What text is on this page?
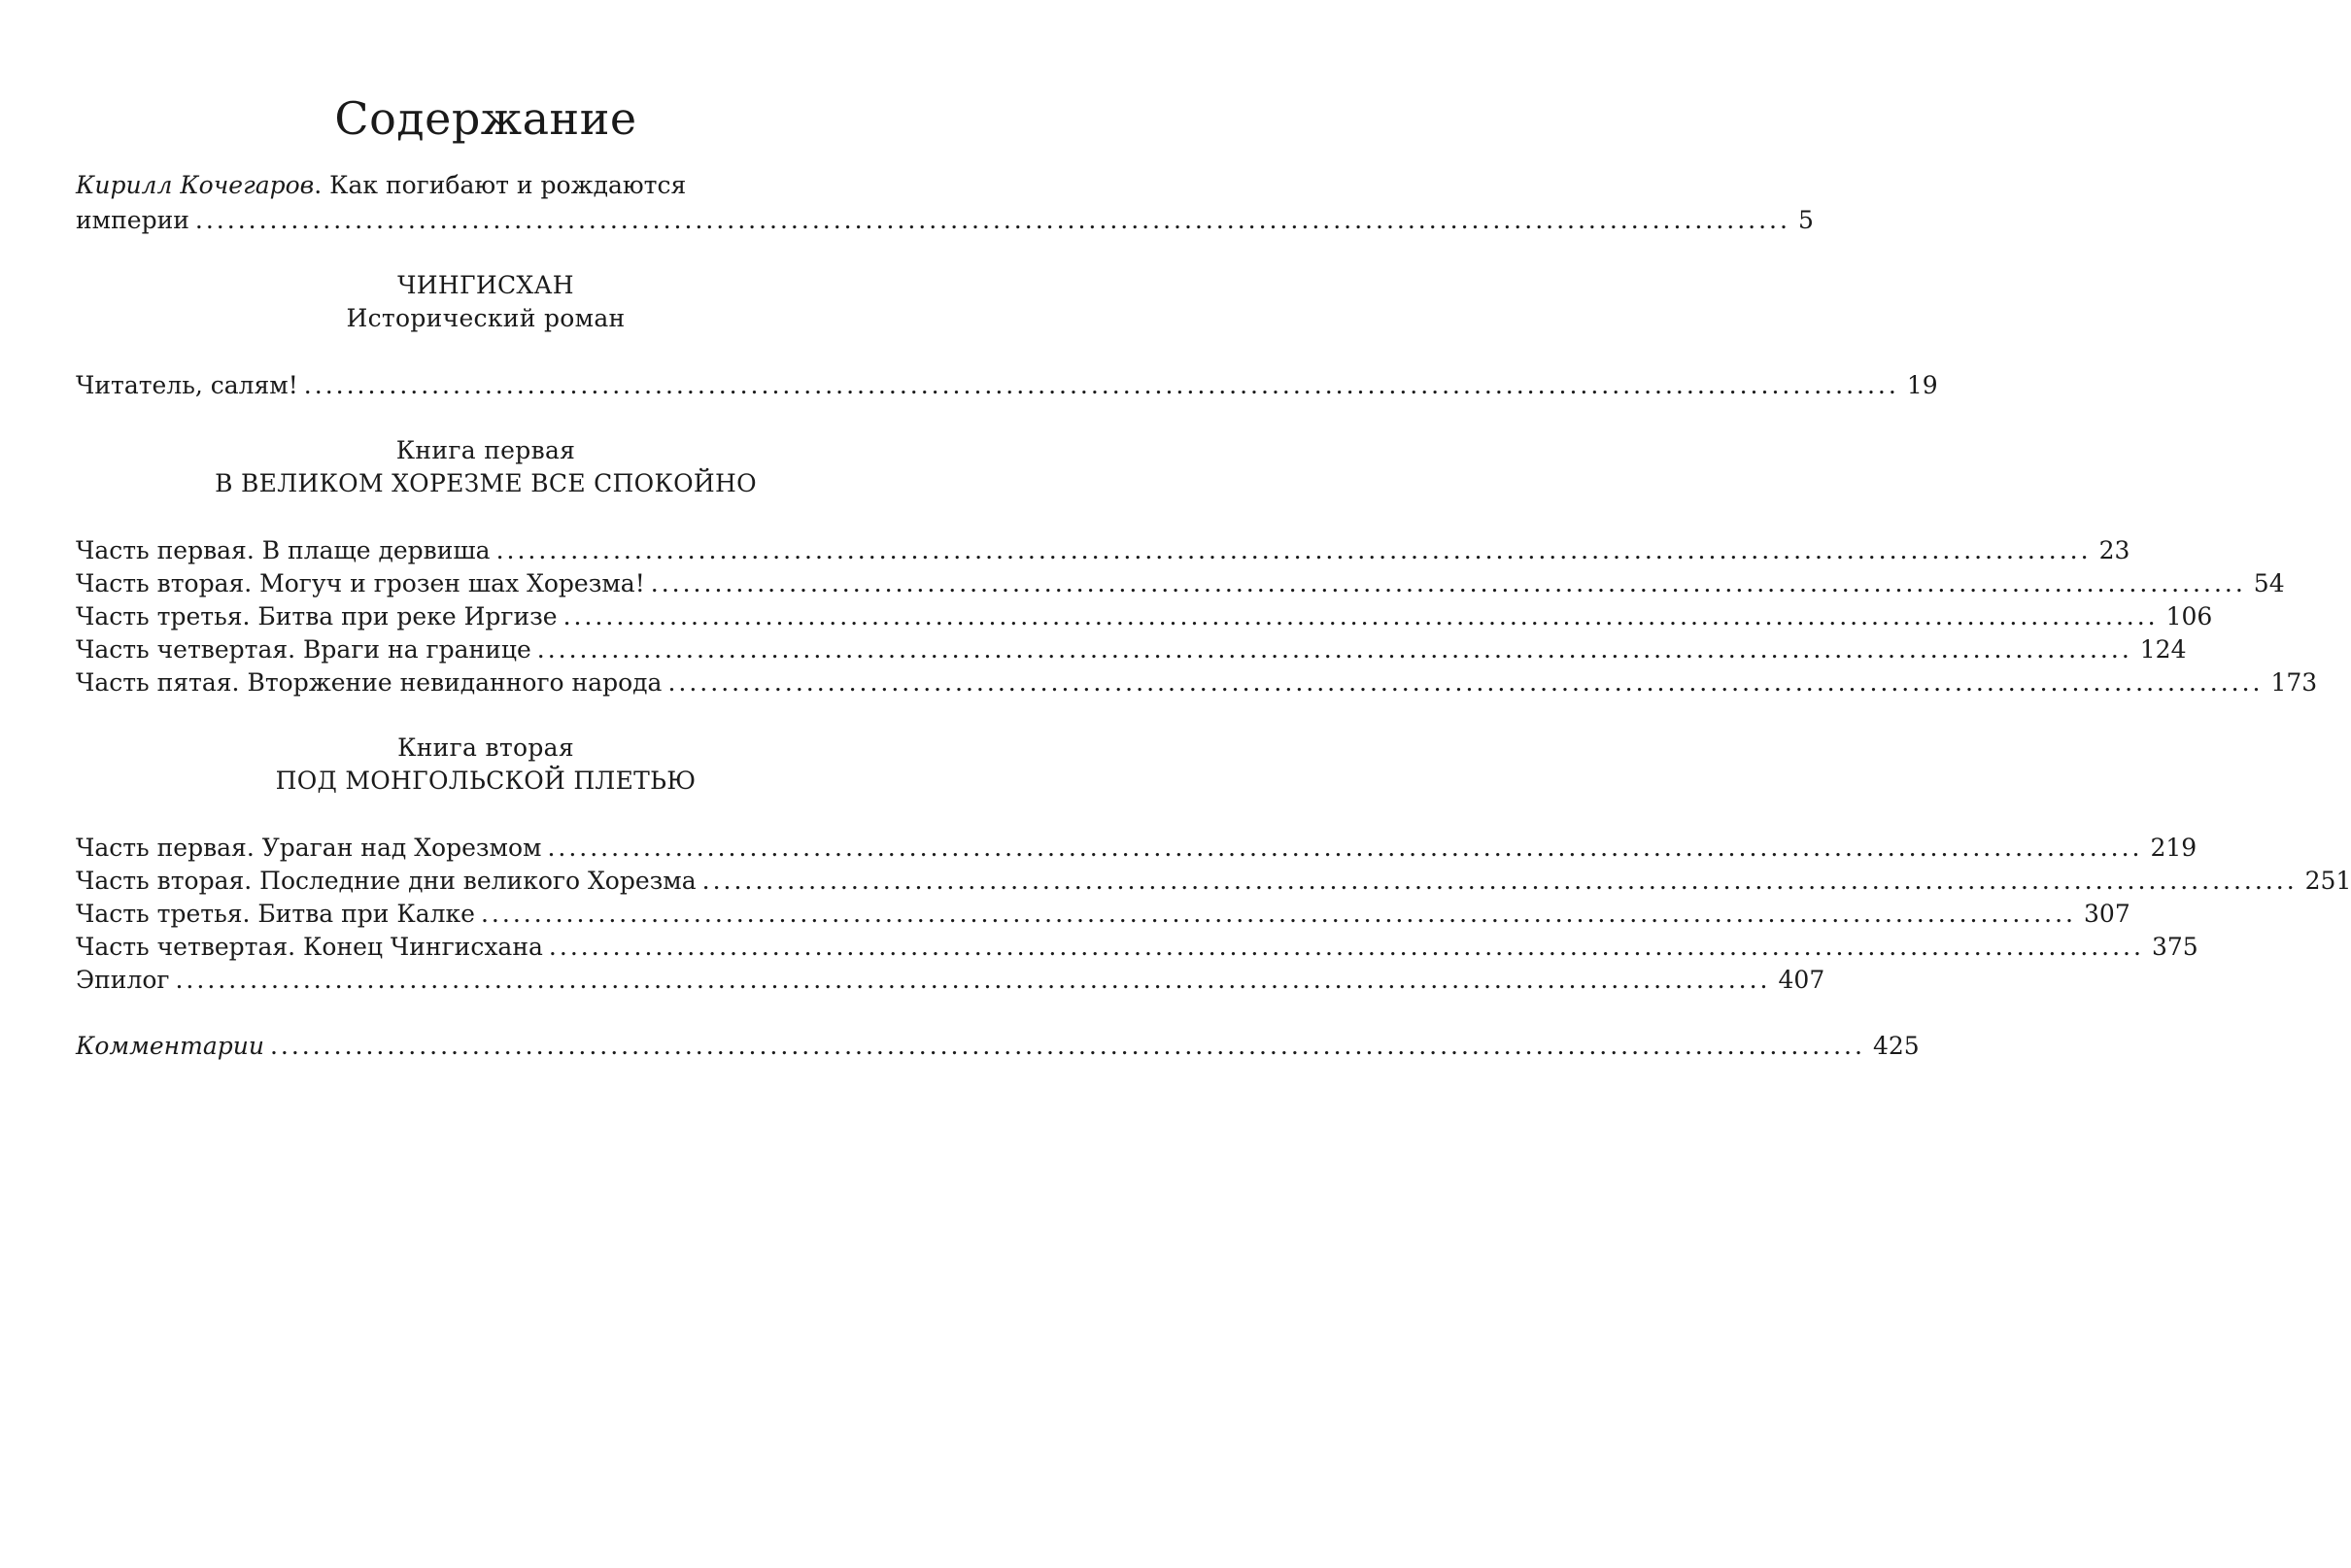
Содержание
Кирилл Кочегаров. Как погибают и рождаются
империи ...................................................................................................................................................... 5
ЧИНГИСХАН
Исторический роман
Читатель, салям! ...................................................................................................................................................... 19
Книга первая
В ВЕЛИКОМ ХОРЕЗМЕ ВСЕ СПОКОЙНО
Часть первая. В плаще дервиша ...................................................................................................................................................... 23
Часть вторая. Могуч и грозен шах Хорезма! ...................................................................................................................................................... 54
Часть третья. Битва при реке Иргизе ...................................................................................................................................................... 106
Часть четвертая. Враги на границе ...................................................................................................................................................... 124
Часть пятая. Вторжение невиданного народа ...................................................................................................................................................... 173
Книга вторая
ПОД МОНГОЛЬСКОЙ ПЛЕТЬЮ
Часть первая. Ураган над Хорезмом ...................................................................................................................................................... 219
Часть вторая. Последние дни великого Хорезма ...................................................................................................................................................... 251
Часть третья. Битва при Калке ...................................................................................................................................................... 307
Часть четвертая. Конец Чингисхана ...................................................................................................................................................... 375
Эпилог ...................................................................................................................................................... 407
Комментарии ...................................................................................................................................................... 425
